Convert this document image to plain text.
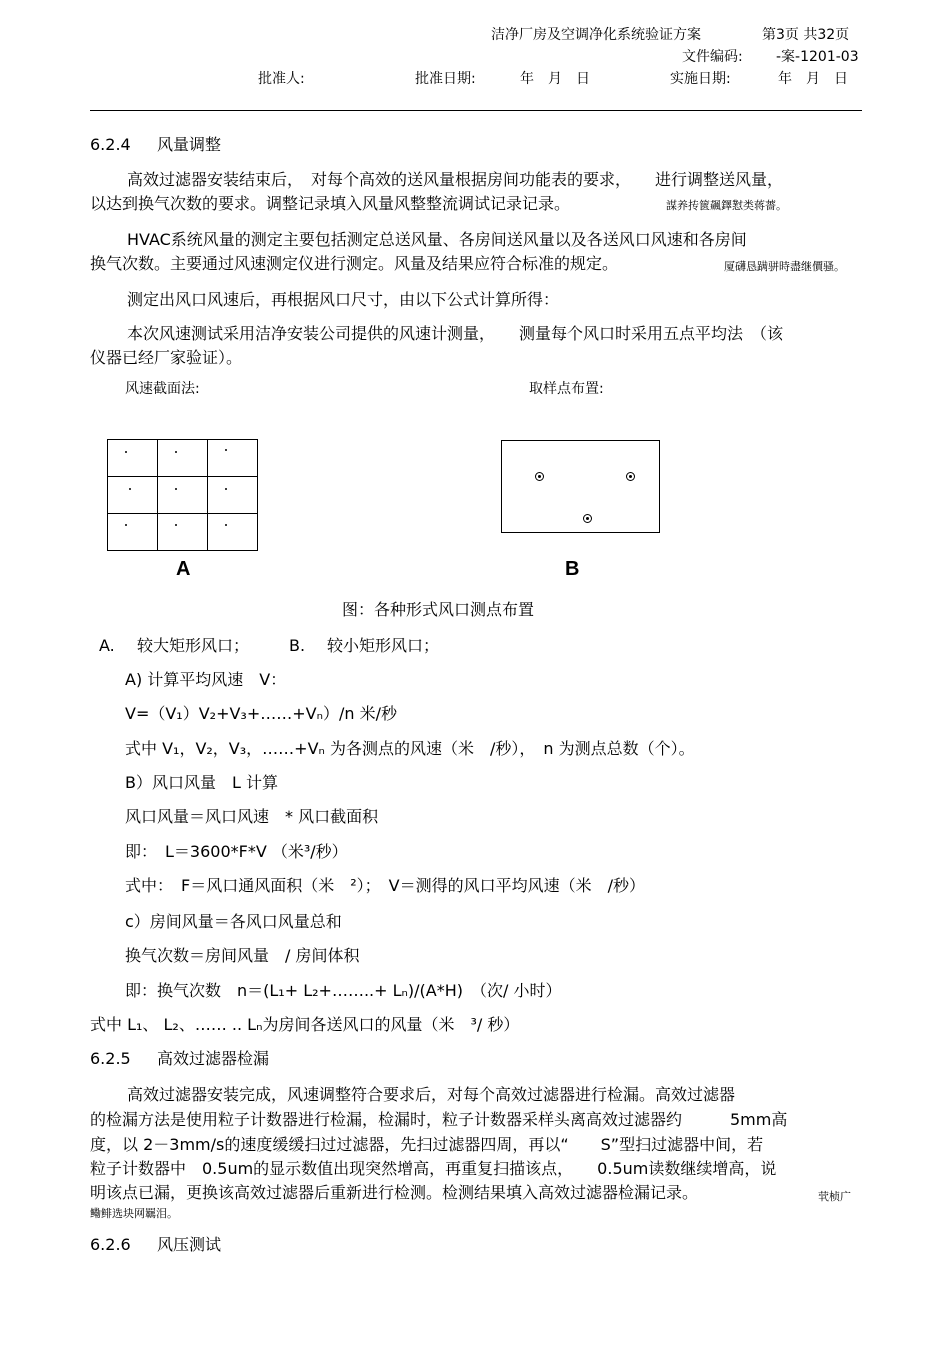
洁净厂房及空调净化系统验证方案	第3页 共32页
文件编码: -案-1201-03
批准人:	批准日期:	年　月　日	实施日期:	年　月　日
6.2.4 风量调整
高效过滤器安装结束后，　对每个高效的送风量根据房间功能表的要求，　　进行调整送风量，
以达到换气次数的要求。调整记录填入风量风整整流调试记录记录。	謀养抟篋飆鐸懟类蒋薔。
HVAC系统风量的测定主要包括测定总送风量、各房间送风量以及各送风口风速和各房间
换气次数。主要通过风速测定仪进行测定。风量及结果应符合标准的规定。	厦礴恳蹒骈時盡继價骚。
测定出风口风速后，再根据风口尺寸，由以下公式计算所得：
本次风速测试采用洁净安装公司提供的风速计测量，　　测量每个风口时采用五点平均法　（该
仪器已经厂家验证）。
风速截面法:	取样点布置:
A	B
图：各种形式风口测点布置
A. 较大矩形风口； B. 较小矩形风口；
A) 计算平均风速　V：
V=（V₁）V₂+V₃+……+Vₙ）/n 米/秒
式中 V₁，V₂，V₃，……+Vₙ 为各测点的风速（米　/秒），　n 为测点总数（个）。
B）风口风量　L 计算
风口风量＝风口风速　* 风口截面积
即：　L＝3600*F*V （米³/秒）
式中：　F＝风口通风面积（米　²）；　V＝测得的风口平均风速（米　/秒）
c）房间风量＝各风口风量总和
换气次数＝房间风量　/ 房间体积
即：换气次数　n＝(L₁+ L₂+……..+ Lₙ)/(A*H)　（次/ 小时）
式中 L₁、 L₂、…… .. Lₙ为房间各送风口的风量（米　³/ 秒）
6.2.5 高效过滤器检漏
高效过滤器安装完成，风速调整符合要求后，对每个高效过滤器进行检漏。高效过滤器
的检漏方法是使用粒子计数器进行检漏，检漏时，粒子计数器采样头离高效过滤器约　　　5mm高
度，以 2－3mm/s的速度缓缓扫过过滤器，先扫过滤器四周，再以“　　S”型扫过滤器中间，若
粒子计数器中　0.5um的显示数值出现突然增高，再重复扫描该点，　　0.5um读数继续增高，说
明该点已漏，更换该高效过滤器后重新进行检测。检测结果填入高效过滤器检漏记录。	茕桢广
鳓鲱选块网羈泪。
6.2.6 风压测试
